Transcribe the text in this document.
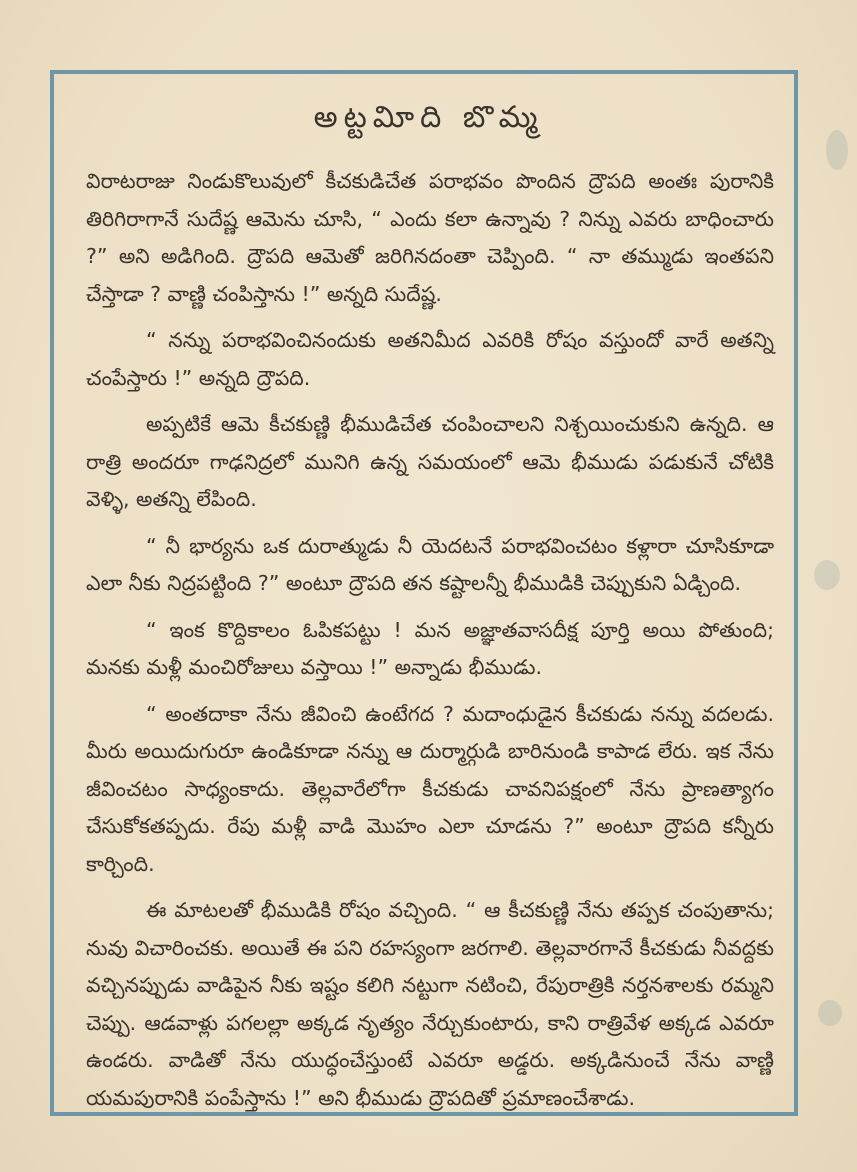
అట్టవిూది బొమ్మ

విరాటరాజు నిండుకొలువులో కీచకుడిచేత పరాభవం పొందిన ద్రౌపది అంతః పురానికి తిరిగిరాగానే సుదేష్ణ ఆమెను చూసి, “ ఎందు కలా ఉన్నావు ? నిన్ను ఎవరు బాధించారు ?” అని అడిగింది. ద్రౌపది ఆమెతో జరిగినదంతా చెప్పింది. “ నా తమ్ముడు ఇంతపని చేస్తాడా ? వాణ్ణి చంపిస్తాను !” అన్నది సుదేష్ణ.

“ నన్ను పరాభవించినందుకు అతనిమీద ఎవరికి రోషం వస్తుందో వారే అతన్ని చంపేస్తారు !” అన్నది ద్రౌపది.

అప్పటికే ఆమె కీచకుణ్ణి భీముడిచేత చంపించాలని నిశ్చయించుకుని ఉన్నది. ఆ రాత్రి అందరూ గాఢనిద్రలో మునిగి ఉన్న సమయంలో ఆమె భీముడు పడుకునే చోటికి వెళ్ళి, అతన్ని లేపింది.

“ నీ భార్యను ఒక దురాత్ముడు నీ యెదటనే పరాభవించటం కళ్లారా చూసికూడా ఎలా నీకు నిద్రపట్టింది ?” అంటూ ద్రౌపది తన కష్టాలన్నీ భీముడికి చెప్పుకుని ఏడ్చింది.

“ ఇంక కొద్దికాలం ఓపికపట్టు ! మన అజ్ఞాతవాసదీక్ష పూర్తి అయి పోతుంది; మనకు మళ్లీ మంచిరోజులు వస్తాయి !” అన్నాడు భీముడు.

“ అంతదాకా నేను జీవించి ఉంటేగద ? మదాంధుడైన కీచకుడు నన్ను వదలడు. మీరు అయిదుగురూ ఉండికూడా నన్ను ఆ దుర్మార్గుడి బారినుండి కాపాడ లేరు. ఇక నేను జీవించటం సాధ్యంకాదు. తెల్లవారేలోగా కీచకుడు చావనిపక్షంలో నేను ప్రాణత్యాగం చేసుకోకతప్పదు. రేపు మళ్లీ వాడి మొహం ఎలా చూడను ?” అంటూ ద్రౌపది కన్నీరు కార్చింది.

ఈ మాటలతో భీముడికి రోషం వచ్చింది. “ ఆ కీచకుణ్ణి నేను తప్పక చంపుతాను; నువు విచారించకు. అయితే ఈ పని రహస్యంగా జరగాలి. తెల్లవారగానే కీచకుడు నీవద్దకు వచ్చినప్పుడు వాడిపైన నీకు ఇష్టం కలిగి నట్టుగా నటించి, రేపురాత్రికి నర్తనశాలకు రమ్మని చెప్పు. ఆడవాళ్లు పగలల్లా అక్కడ నృత్యం నేర్చుకుంటారు, కాని రాత్రివేళ అక్కడ ఎవరూ ఉండరు. వాడితో నేను యుద్ధంచేస్తుంటే ఎవరూ అడ్డరు. అక్కడినుంచే నేను వాణ్ణి యమపురానికి పంపేస్తాను !” అని భీముడు ద్రౌపదితో ప్రమాణంచేశాడు.
